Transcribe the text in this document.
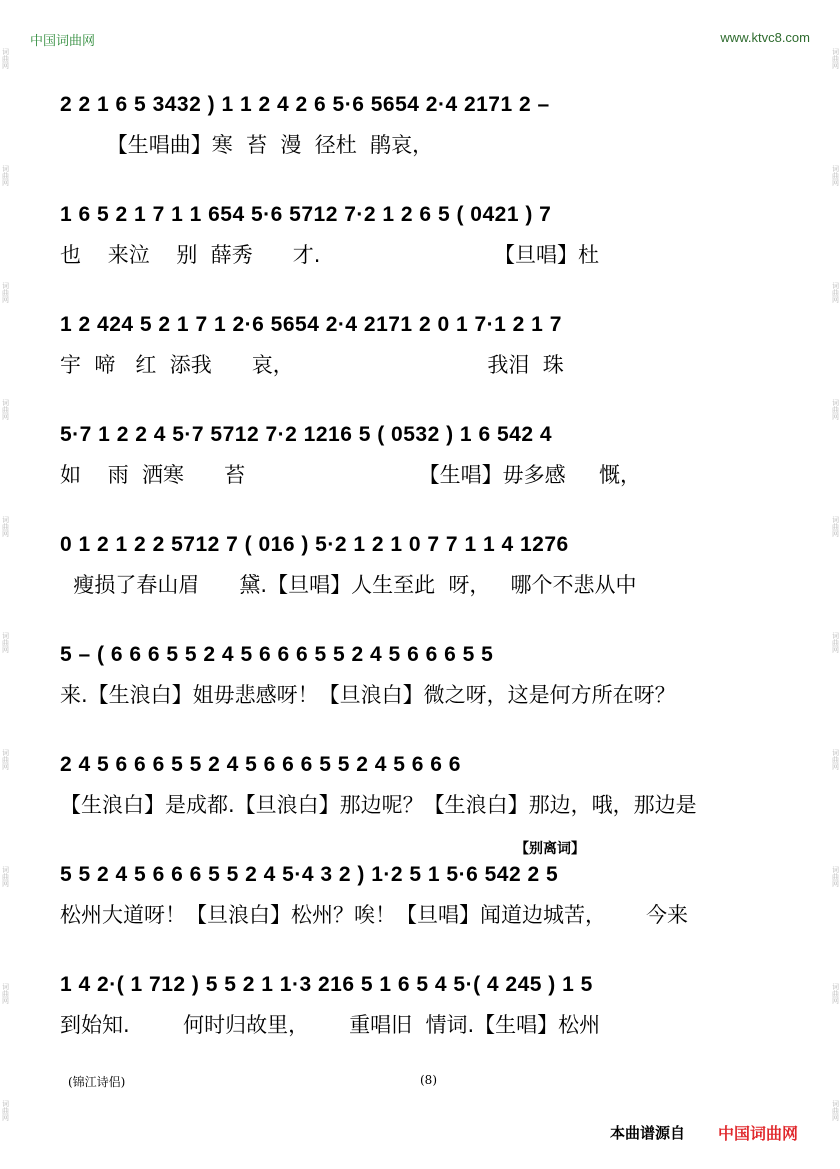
词曲网
词曲网
词曲网
词曲网
词曲网
词曲网
词曲网
词曲网
词曲网
词曲网
词曲网
词曲网
词曲网
词曲网
词曲网
词曲网
词曲网
词曲网
词曲网
词曲网
中国词曲网	www.ktvc8.com
2 2 1 6 5 3432 ) 1 1 2 4 2 6 5·6 5654 2·4 2171 2 –
【生唱曲】寒  苔  漫  径杜  鹃哀，
1 6 5 2 1 7 1 1 654 5·6 5712 7·2 1 2 6 5 ( 0421 ) 7
也    来泣    别  薛秀      才.                          【旦唱】杜
1 2 424 5 2 1 7 1 2·6 5654 2·4 2171 2 0 1 7·1 2 1 7
宇  啼   红  添我      哀，                             我泪  珠
5·7 1 2 2 4 5·7 5712 7·2 1216 5 ( 0532 ) 1 6 542 4
如    雨  洒寒      苔                          【生唱】毋多感     慨，
0 1 2 1 2 2 5712 7 ( 016 ) 5·2 1 2 1 0 7 7 1 1 4 1276
瘦损了春山眉      黛.【旦唱】人生至此  呀，   哪个不悲从中
5 – ( 6 6 6 5 5 2 4 5 6 6 6 5 5 2 4 5 6 6 6 5 5
来.【生浪白】姐毋悲感呀！【旦浪白】微之呀，这是何方所在呀？
2 4 5 6 6 6 5 5 2 4 5 6 6 6 5 5 2 4 5 6 6 6
【生浪白】是成都.【旦浪白】那边呢？【生浪白】那边，哦，那边是
5 5 2 4 5 6 6 6 5 5 2 4 5·4 3 2 ) 1·2 5 1 5·6 542 2 5
松州大道呀！【旦浪白】松州？唉！【旦唱】闻道边城苦，      今来
1 4 2·( 1 712 ) 5 5 2 1 1·3 216 5 1 6 5 4 5·( 4 245 ) 1 5
到始知.        何时归故里，      重唱旧  情词.【生唱】松州
【别离词】
(锦江诗侣)	(8)
本曲谱源自 中国词曲网
